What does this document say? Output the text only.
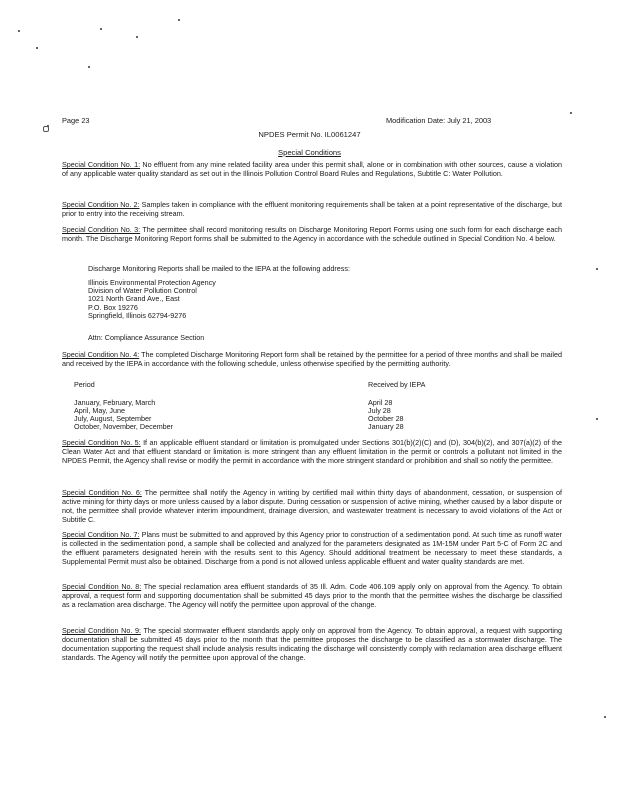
Page 23	Modification Date: July 21, 2003
NPDES Permit No. IL0061247
Special Conditions

Special Condition No. 1: No effluent from any mine related facility area under this permit shall, alone or in combination with other sources, cause a violation of any applicable water quality standard as set out in the Illinois Pollution Control Board Rules and Regulations, Subtitle C: Water Pollution.

Special Condition No. 2: Samples taken in compliance with the effluent monitoring requirements shall be taken at a point representative of the discharge, but prior to entry into the receiving stream.

Special Condition No. 3: The permittee shall record monitoring results on Discharge Monitoring Report Forms using one such form for each discharge each month. The Discharge Monitoring Report forms shall be submitted to the Agency in accordance with the schedule outlined in Special Condition No. 4 below.

Discharge Monitoring Reports shall be mailed to the IEPA at the following address:
Illinois Environmental Protection Agency
Division of Water Pollution Control
1021 North Grand Ave., East
P.O. Box 19276
Springfield, Illinois 62794-9276
Attn: Compliance Assurance Section

Special Condition No. 4: The completed Discharge Monitoring Report form shall be retained by the permittee for a period of three months and shall be mailed and received by the IEPA in accordance with the following schedule, unless otherwise specified by the permitting authority.

Period	Received by IEPA
January, February, March
April, May, June
July, August, September
October, November, December
April 28
July 28
October 28
January 28

Special Condition No. 5: If an applicable effluent standard or limitation is promulgated under Sections 301(b)(2)(C) and (D), 304(b)(2), and 307(a)(2) of the Clean Water Act and that effluent standard or limitation is more stringent than any effluent limitation in the permit or controls a pollutant not limited in the NPDES Permit, the Agency shall revise or modify the permit in accordance with the more stringent standard or prohibition and shall so notify the permittee.

Special Condition No. 6: The permittee shall notify the Agency in writing by certified mail within thirty days of abandonment, cessation, or suspension of active mining for thirty days or more unless caused by a labor dispute. During cessation or suspension of active mining, whether caused by a labor dispute or not, the permittee shall provide whatever interim impoundment, drainage diversion, and wastewater treatment is necessary to avoid violations of the Act or Subtitle C.

Special Condition No. 7: Plans must be submitted to and approved by this Agency prior to construction of a sedimentation pond. At such time as runoff water is collected in the sedimentation pond, a sample shall be collected and analyzed for the parameters designated as 1M-15M under Part 5-C of Form 2C and the effluent parameters designated herein with the results sent to this Agency. Should additional treatment be necessary to meet these standards, a Supplemental Permit must also be obtained. Discharge from a pond is not allowed unless applicable effluent and water quality standards are met.

Special Condition No. 8: The special reclamation area effluent standards of 35 Ill. Adm. Code 406.109 apply only on approval from the Agency. To obtain approval, a request form and supporting documentation shall be submitted 45 days prior to the month that the permittee wishes the discharge be classified as a reclamation area discharge. The Agency will notify the permittee upon approval of the change.

Special Condition No. 9: The special stormwater effluent standards apply only on approval from the Agency. To obtain approval, a request with supporting documentation shall be submitted 45 days prior to the month that the permittee proposes the discharge to be classified as a stormwater discharge. The documentation supporting the request shall include analysis results indicating the discharge will consistently comply with reclamation area discharge effluent standards. The Agency will notify the permittee upon approval of the change.
